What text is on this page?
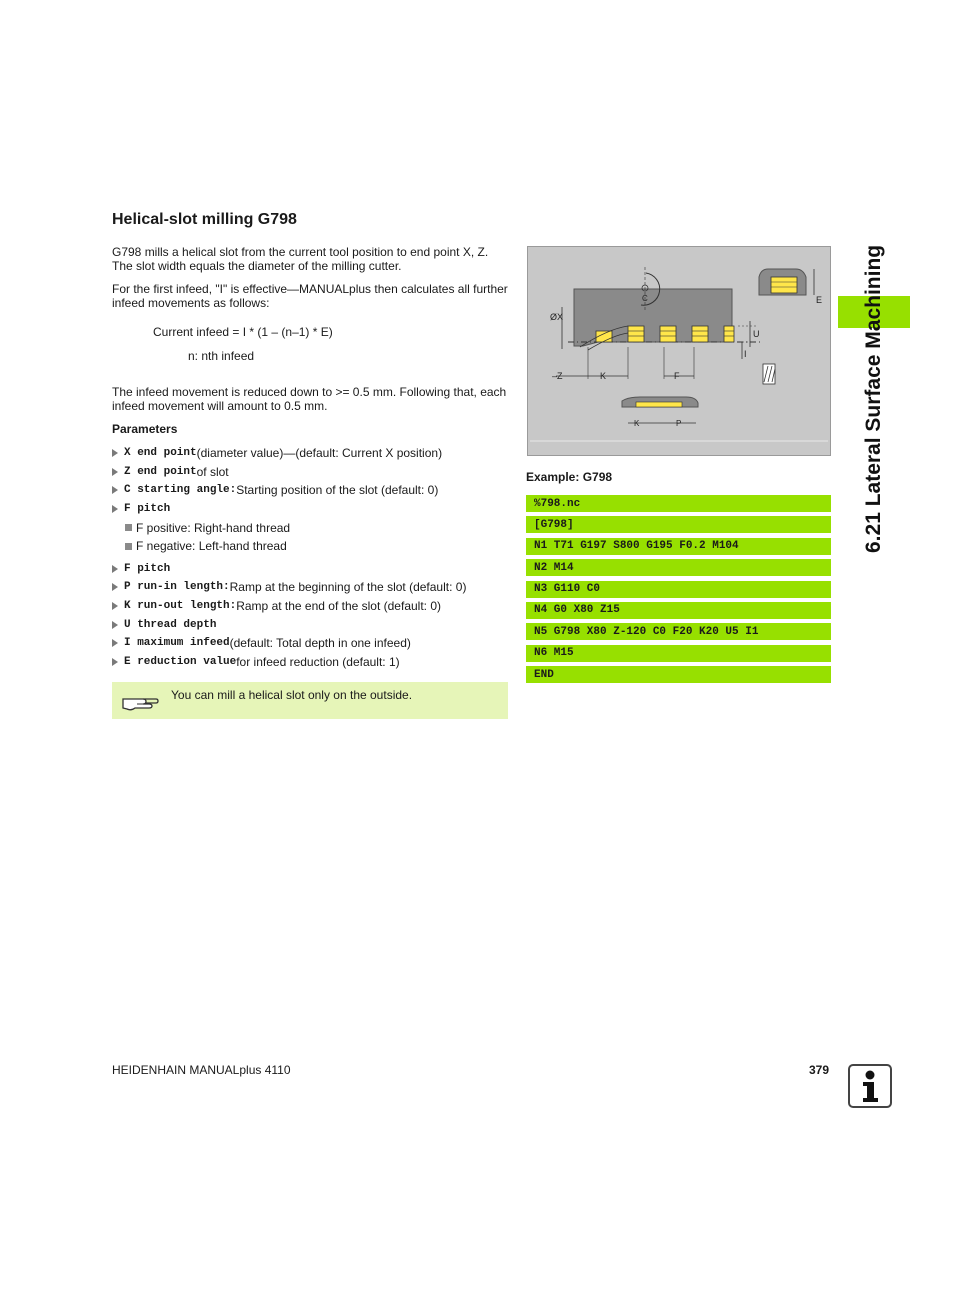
Helical-slot milling G798
G798 mills a helical slot from the current tool position to end point X, Z. The slot width equals the diameter of the milling cutter.
For the first infeed, "I" is effective—MANUALplus then calculates all further infeed movements as follows:
Current infeed = I * (1 – (n–1) * E)
n: nth infeed
The infeed movement is reduced down to >= 0.5 mm. Following that, each infeed movement will amount to 0.5 mm.
Parameters
X end point (diameter value)—(default: Current X position)
Z end point of slot
C starting angle: Starting position of the slot (default: 0)
F pitch
F positive: Right-hand thread
F negative: Left-hand thread
F pitch
P run-in length: Ramp at the beginning of the slot (default: 0)
K run-out length: Ramp at the end of the slot (default: 0)
U thread depth
I maximum infeed (default: Total depth in one infeed)
E reduction value for infeed reduction (default: 1)
You can mill a helical slot only on the outside.
C
ØX
–Z	K	F
U
I
E
K	P
Example: G798
%798.nc
[G798]
N1 T71 G197 S800 G195 F0.2 M104
N2 M14
N3 G110 C0
N4 G0 X80 Z15
N5 G798 X80 Z-120 C0 F20 K20 U5 I1
N6 M15
END
6.21 Lateral Surface Machining
HEIDENHAIN MANUALplus 4110	379
